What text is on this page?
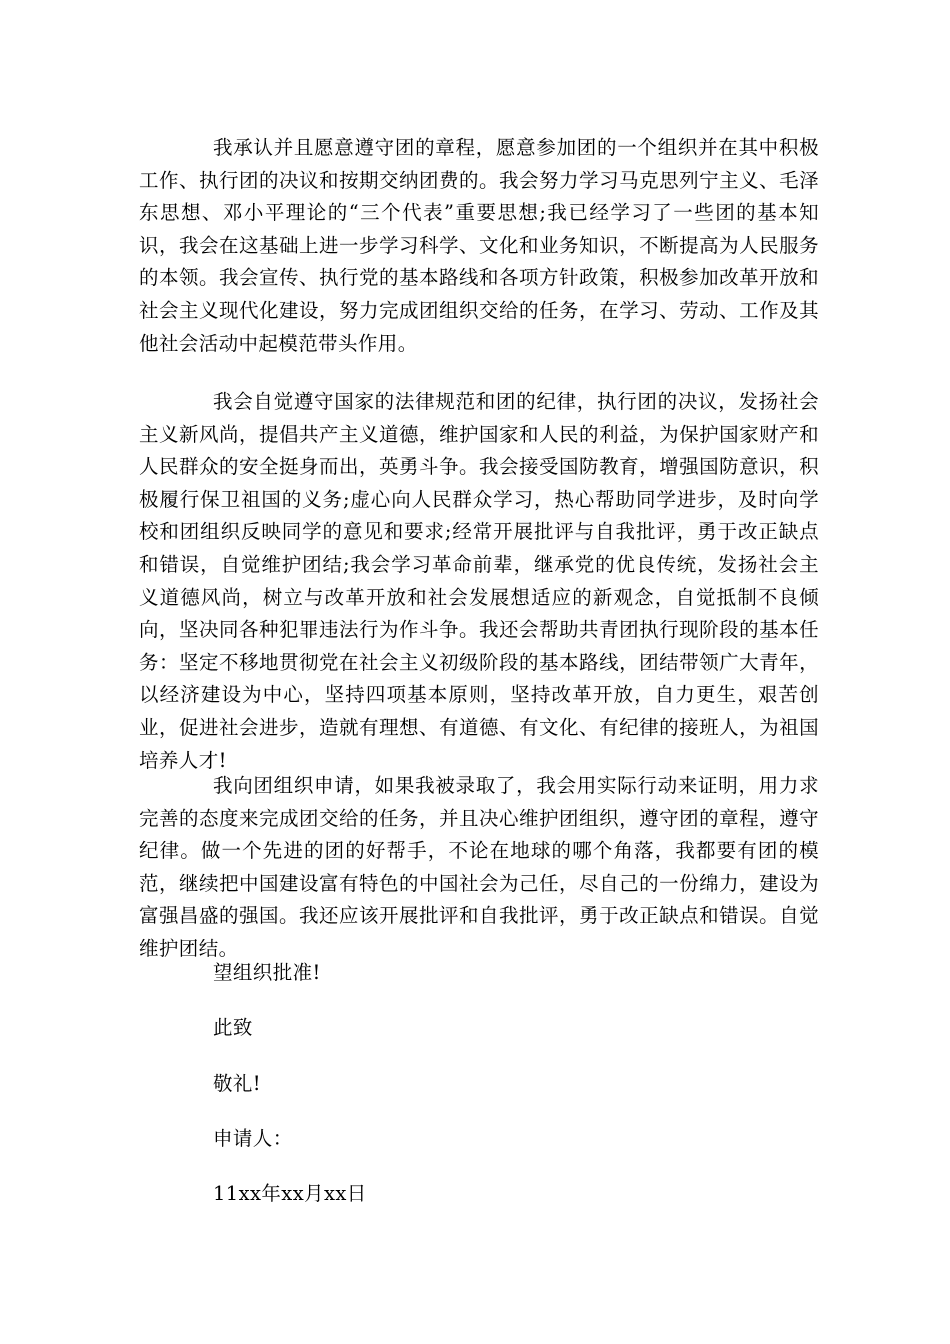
我承认并且愿意遵守团的章程，愿意参加团的一个组织并在其中积极工作、执行团的决议和按期交纳团费的。我会努力学习马克思列宁主义、毛泽东思想、邓小平理论的“三个代表”重要思想;我已经学习了一些团的基本知识，我会在这基础上进一步学习科学、文化和业务知识，不断提高为人民服务的本领。我会宣传、执行党的基本路线和各项方针政策，积极参加改革开放和社会主义现代化建设，努力完成团组织交给的任务，在学习、劳动、工作及其他社会活动中起模范带头作用。

我会自觉遵守国家的法律规范和团的纪律，执行团的决议，发扬社会主义新风尚，提倡共产主义道德，维护国家和人民的利益，为保护国家财产和人民群众的安全挺身而出，英勇斗争。我会接受国防教育，增强国防意识，积极履行保卫祖国的义务;虚心向人民群众学习，热心帮助同学进步，及时向学校和团组织反映同学的意见和要求;经常开展批评与自我批评，勇于改正缺点和错误，自觉维护团结;我会学习革命前辈，继承党的优良传统，发扬社会主义道德风尚，树立与改革开放和社会发展想适应的新观念，自觉抵制不良倾向，坚决同各种犯罪违法行为作斗争。我还会帮助共青团执行现阶段的基本任务：坚定不移地贯彻党在社会主义初级阶段的基本路线，团结带领广大青年，以经济建设为中心，坚持四项基本原则，坚持改革开放，自力更生，艰苦创业，促进社会进步，造就有理想、有道德、有文化、有纪律的接班人，为祖国培养人才!

我向团组织申请，如果我被录取了，我会用实际行动来证明，用力求完善的态度来完成团交给的任务，并且决心维护团组织，遵守团的章程，遵守纪律。做一个先进的团的好帮手，不论在地球的哪个角落，我都要有团的模范，继续把中国建设富有特色的中国社会为己任，尽自己的一份绵力，建设为富强昌盛的强国。我还应该开展批评和自我批评，勇于改正缺点和错误。自觉维护团结。

望组织批准!

此致

敬礼!

申请人：

11xx年xx月xx日
